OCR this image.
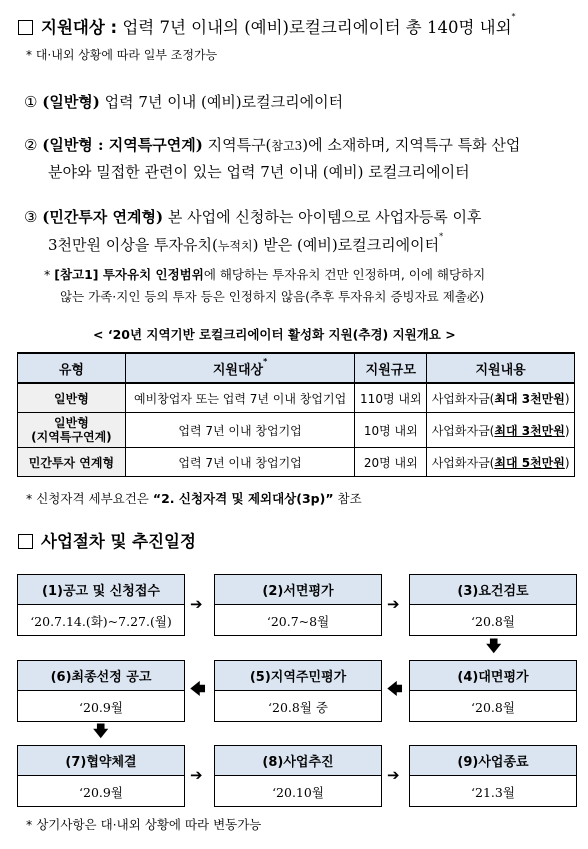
지원대상 : 업력 7년 이내의 (예비)로컬크리에이터 총 140명 내외*
* 대·내외 상황에 따라 일부 조정가능
① (일반형) 업력 7년 이내 (예비)로컬크리에이터
② (일반형 : 지역특구연계) 지역특구(참고3)에 소재하며, 지역특구 특화 산업
분야와 밀접한 관련이 있는 업력 7년 이내 (예비) 로컬크리에이터
③ (민간투자 연계형) 본 사업에 신청하는 아이템으로 사업자등록 이후
3천만원 이상을 투자유치(누적치) 받은 (예비)로컬크리에이터*
* [참고1] 투자유치 인정범위에 해당하는 투자유치 건만 인정하며, 이에 해당하지
않는 가족·지인 등의 투자 등은 인정하지 않음(추후 투자유치 증빙자료 제출必)
< ‘20년 지역기반 로컬크리에이터 활성화 지원(추경) 지원개요 >
유형	지원대상*	지원규모	지원내용
일반형	예비창업자 또는 업력 7년 이내 창업기업	110명 내외	사업화자금(최대 3천만원)
일반형
(지역특구연계)	업력 7년 이내 창업기업	10명 내외	사업화자금(최대 3천만원)
민간투자 연계형	업력 7년 이내 창업기업	20명 내외	사업화자금(최대 5천만원)
* 신청자격 세부요건은 “2. 신청자격 및 제외대상(3p)” 참조
사업절차 및 추진일정
(1)공고 및 신청접수
‘20.7.14.(화)~7.27.(월)
(2)서면평가
‘20.7~8월
(3)요건검토
‘20.8월
(6)최종선정 공고
‘20.9월
(5)지역주민평가
‘20.8월 중
(4)대면평가
‘20.8월
(7)협약체결
‘20.9월
(8)사업추진
‘20.10월
(9)사업종료
‘21.3월
➔	➔
🡇
🡄
🡄
🡇
➔	➔
* 상기사항은 대·내외 상황에 따라 변동가능
